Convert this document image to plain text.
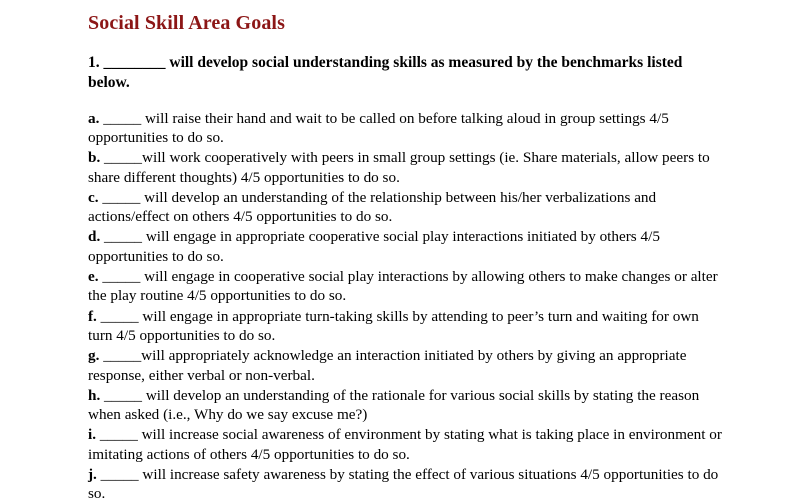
Social Skill Area Goals

1. ________ will develop social understanding skills as measured by the benchmarks listed below.

a. _____ will raise their hand and wait to be called on before talking aloud in group settings 4/5 opportunities to do so.
b. _____will work cooperatively with peers in small group settings (ie. Share materials, allow peers to share different thoughts) 4/5 opportunities to do so.
c. _____ will develop an understanding of the relationship between his/her verbalizations and actions/effect on others 4/5 opportunities to do so.
d. _____ will engage in appropriate cooperative social play interactions initiated by others 4/5 opportunities to do so.
e. _____ will engage in cooperative social play interactions by allowing others to make changes or alter the play routine 4/5 opportunities to do so.
f. _____ will engage in appropriate turn-taking skills by attending to peer’s turn and waiting for own turn 4/5 opportunities to do so.
g. _____will appropriately acknowledge an interaction initiated by others by giving an appropriate response, either verbal or non-verbal.
h. _____ will develop an understanding of the rationale for various social skills by stating the reason when asked (i.e., Why do we say excuse me?)
i. _____ will increase social awareness of environment by stating what is taking place in environment or imitating actions of others 4/5 opportunities to do so.
j. _____ will increase safety awareness by stating the effect of various situations 4/5 opportunities to do so.
